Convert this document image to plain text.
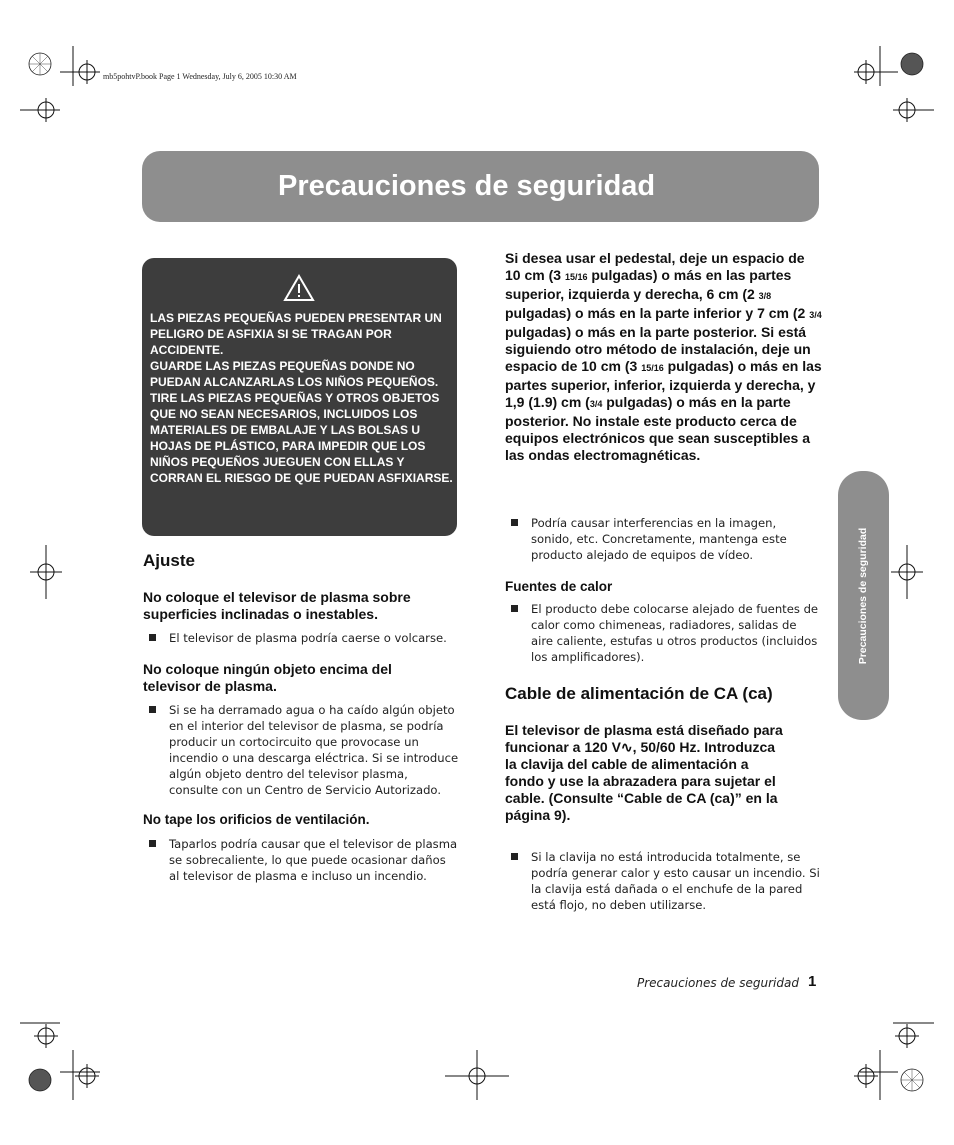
mb5pohtvP.book Page 1 Wednesday, July 6, 2005 10:30 AM
Precauciones de seguridad
LAS PIEZAS PEQUEÑAS PUEDEN PRESENTAR UN PELIGRO DE ASFIXIA SI SE TRAGAN POR ACCIDENTE.
GUARDE LAS PIEZAS PEQUEÑAS DONDE NO PUEDAN ALCANZARLAS LOS NIÑOS PEQUEÑOS.
TIRE LAS PIEZAS PEQUEÑAS Y OTROS OBJETOS QUE NO SEAN NECESARIOS, INCLUIDOS LOS MATERIALES DE EMBALAJE Y LAS BOLSAS U HOJAS DE PLÁSTICO, PARA IMPEDIR QUE LOS NIÑOS PEQUEÑOS JUEGUEN CON ELLAS Y CORRAN EL RIESGO DE QUE PUEDAN ASFIXIARSE.
Ajuste
No coloque el televisor de plasma sobre superficies inclinadas o inestables.
El televisor de plasma podría caerse o volcarse.
No coloque ningún objeto encima del televisor de plasma.
Si se ha derramado agua o ha caído algún objeto en el interior del televisor de plasma, se podría producir un cortocircuito que provocase un incendio o una descarga eléctrica. Si se introduce algún objeto dentro del televisor plasma, consulte con un Centro de Servicio Autorizado.
No tape los orificios de ventilación.
Taparlos podría causar que el televisor de plasma se sobrecaliente, lo que puede ocasionar daños al televisor de plasma e incluso un incendio.
Si desea usar el pedestal, deje un espacio de 10 cm (3 15/16 pulgadas) o más en las partes superior, izquierda y derecha, 6 cm (2 3/8 pulgadas) o más en la parte inferior y 7 cm (2 3/4 pulgadas) o más en la parte posterior. Si está siguiendo otro método de instalación, deje un espacio de 10 cm (3 15/16 pulgadas) o más en las partes superior, inferior, izquierda y derecha, y 1,9 (1.9) cm (3/4 pulgadas) o más en la parte posterior. No instale este producto cerca de equipos electrónicos que sean susceptibles a las ondas electromagnéticas.
Podría causar interferencias en la imagen, sonido, etc. Concretamente, mantenga este producto alejado de equipos de vídeo.
Fuentes de calor
El producto debe colocarse alejado de fuentes de calor como chimeneas, radiadores, salidas de aire caliente, estufas u otros productos (incluidos los amplificadores).
Cable de alimentación de CA (ca)
El televisor de plasma está diseñado para funcionar a 120 V∿, 50/60 Hz. Introduzca la clavija del cable de alimentación a fondo y use la abrazadera para sujetar el cable. (Consulte “Cable de CA (ca)” en la página 9).
Si la clavija no está introducida totalmente, se podría generar calor y esto causar un incendio. Si la clavija está dañada o el enchufe de la pared está flojo, no deben utilizarse.
Precauciones de seguridad
Precauciones de seguridad 1
